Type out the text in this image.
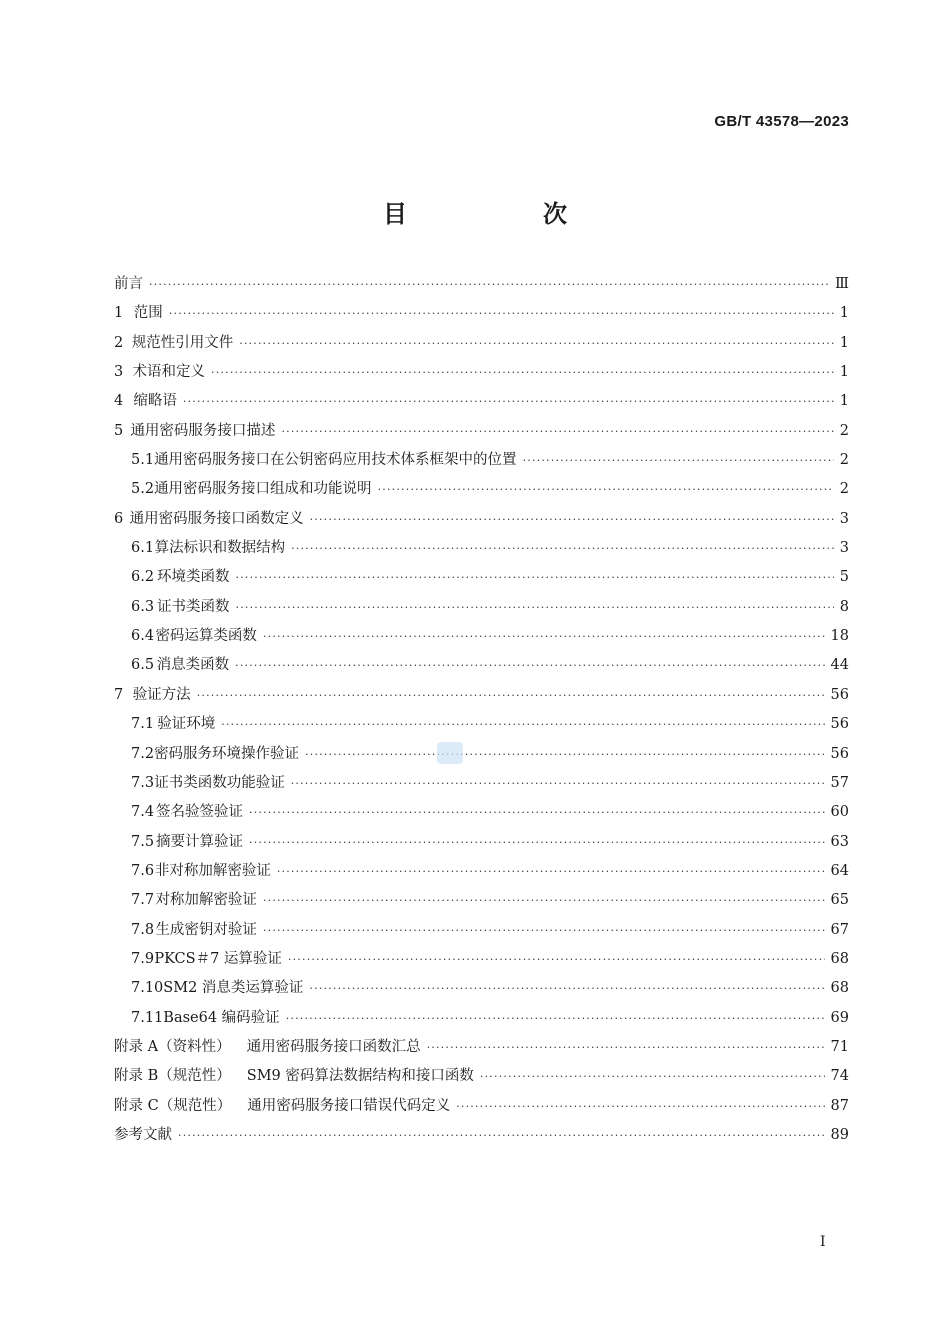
GB/T 43578—2023
目　次
前言 ·····	Ⅲ
1 范围 ·····	1
2 规范性引用文件 ·····	1
3 术语和定义 ·····	1
4 缩略语 ·····	1
5 通用密码服务接口描述 ·····	2
5.1 通用密码服务接口在公钥密码应用技术体系框架中的位置 ·····	2
5.2 通用密码服务接口组成和功能说明 ·····	2
6 通用密码服务接口函数定义 ·····	3
6.1 算法标识和数据结构 ·····	3
6.2 环境类函数 ·····	5
6.3 证书类函数 ·····	8
6.4 密码运算类函数 ·····	18
6.5 消息类函数 ·····	44
7 验证方法 ·····	56
7.1 验证环境 ·····	56
7.2 密码服务环境操作验证 ·····	56
7.3 证书类函数功能验证 ·····	57
7.4 签名验签验证 ·····	60
7.5 摘要计算验证 ·····	63
7.6 非对称加解密验证 ·····	64
7.7 对称加解密验证 ·····	65
7.8 生成密钥对验证 ·····	67
7.9 PKCS＃7 运算验证 ·····	68
7.10 SM2 消息类运算验证 ·····	68
7.11 Base64 编码验证 ·····	69
附录 A（资料性） 通用密码服务接口函数汇总 ·····	71
附录 B（规范性） SM9 密码算法数据结构和接口函数 ·····	74
附录 C（规范性） 通用密码服务接口错误代码定义 ·····	87
参考文献 ·····	89
I
